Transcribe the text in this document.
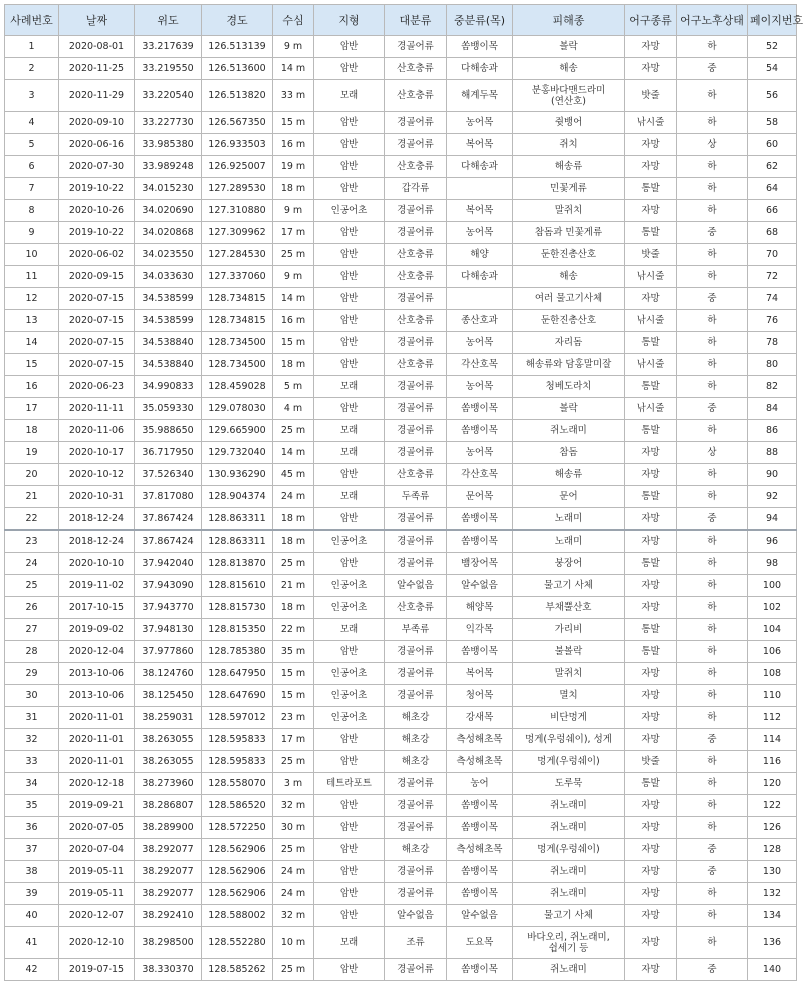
사례번호	날짜	위도	경도	수심	지형	대분류	중분류(목)	피해종	어구종류	어구노후상태	페이지번호
1	2020-08-01	33.217639	126.513139	9 m	암반	경골어류	쏨뱅이목	볼락	자망	하	52
2	2020-11-25	33.219550	126.513600	14 m	암반	산호충류	다해송과	해송	자망	중	54
3	2020-11-29	33.220540	126.513820	33 m	모래	산호충류	해계두목	분홍바다맨드라미
(연산호)	밧줄	하	56
4	2020-09-10	33.227730	126.567350	15 m	암반	경골어류	농어목	쥣뱅어	낚시줄	하	58
5	2020-06-16	33.985380	126.933503	16 m	암반	경골어류	복어목	쥐치	자망	상	60
6	2020-07-30	33.989248	126.925007	19 m	암반	산호충류	다해송과	해송류	자망	하	62
7	2019-10-22	34.015230	127.289530	18 m	암반	갑각류		민꽃게류	통발	하	64
8	2020-10-26	34.020690	127.310880	9 m	인공어초	경골어류	복어목	말쥐치	자망	하	66
9	2019-10-22	34.020868	127.309962	17 m	암반	경골어류	농어목	참돔과 민꽃게류	통발	중	68
10	2020-06-02	34.023550	127.284530	25 m	암반	산호충류	해양	둔한진총산호	밧줄	하	70
11	2020-09-15	34.033630	127.337060	9 m	암반	산호충류	다해송과	해송	낚시줄	하	72
12	2020-07-15	34.538599	128.734815	14 m	암반	경골어류		여러 물고기사체	자망	중	74
13	2020-07-15	34.538599	128.734815	16 m	암반	산호충류	종산호과	둔한진총산호	낚시줄	하	76
14	2020-07-15	34.538840	128.734500	15 m	암반	경골어류	농어목	자리돔	통발	하	78
15	2020-07-15	34.538840	128.734500	18 m	암반	산호충류	각산호목	해송류와 담홍말미잘	낚시줄	하	80
16	2020-06-23	34.990833	128.459028	5 m	모래	경골어류	농어목	청베도라치	통발	하	82
17	2020-11-11	35.059330	129.078030	4 m	암반	경골어류	쏨뱅이목	볼락	낚시줄	중	84
18	2020-11-06	35.988650	129.665900	25 m	모래	경골어류	쏨뱅이목	쥐노래미	통발	하	86
19	2020-10-17	36.717950	129.732040	14 m	모래	경골어류	농어목	참돔	자망	상	88
20	2020-10-12	37.526340	130.936290	45 m	암반	산호충류	각산호목	해송류	자망	하	90
21	2020-10-31	37.817080	128.904374	24 m	모래	두족류	문어목	문어	통발	하	92
22	2018-12-24	37.867424	128.863311	18 m	암반	경골어류	쏨뱅이목	노래미	자망	중	94
23	2018-12-24	37.867424	128.863311	18 m	인공어초	경골어류	쏨뱅이목	노래미	자망	하	96
24	2020-10-10	37.942040	128.813870	25 m	암반	경골어류	뱀장어목	붕장어	통발	하	98
25	2019-11-02	37.943090	128.815610	21 m	인공어초	알수없음	알수없음	물고기 사체	자망	하	100
26	2017-10-15	37.943770	128.815730	18 m	인공어초	산호충류	해양목	부채뿔산호	자망	하	102
27	2019-09-02	37.948130	128.815350	22 m	모래	부족류	익각목	가리비	통발	하	104
28	2020-12-04	37.977860	128.785380	35 m	암반	경골어류	쏨뱅이목	불볼락	통발	하	106
29	2013-10-06	38.124760	128.647950	15 m	인공어초	경골어류	복어목	말쥐치	자망	하	108
30	2013-10-06	38.125450	128.647690	15 m	인공어초	경골어류	청어목	멸치	자망	하	110
31	2020-11-01	38.259031	128.597012	23 m	인공어초	해초강	강새목	비단멍게	자망	하	112
32	2020-11-01	38.263055	128.595833	17 m	암반	해초강	측성해초목	멍게(우렁쉐이), 성게	자망	중	114
33	2020-11-01	38.263055	128.595833	25 m	암반	해초강	측성해초목	멍게(우렁쉐이)	밧줄	하	116
34	2020-12-18	38.273960	128.558070	3 m	테트라포트	경골어류	농어	도루묵	통발	하	120
35	2019-09-21	38.286807	128.586520	32 m	암반	경골어류	쏨뱅이목	쥐노래미	자망	하	122
36	2020-07-05	38.289900	128.572250	30 m	암반	경골어류	쏨뱅이목	쥐노래미	자망	하	126
37	2020-07-04	38.292077	128.562906	25 m	암반	해초강	측성해초목	멍게(우렁쉐이)	자망	중	128
38	2019-05-11	38.292077	128.562906	24 m	암반	경골어류	쏨뱅이목	쥐노래미	자망	중	130
39	2019-05-11	38.292077	128.562906	24 m	암반	경골어류	쏨뱅이목	쥐노래미	자망	하	132
40	2020-12-07	38.292410	128.588002	32 m	암반	알수없음	알수없음	물고기 사체	자망	하	134
41	2020-12-10	38.298500	128.552280	10 m	모래	조류	도요목	바다오리, 쥐노래미,
쉽세기 등	자망	하	136
42	2019-07-15	38.330370	128.585262	25 m	암반	경골어류	쏨뱅이목	쥐노래미	자망	중	140
